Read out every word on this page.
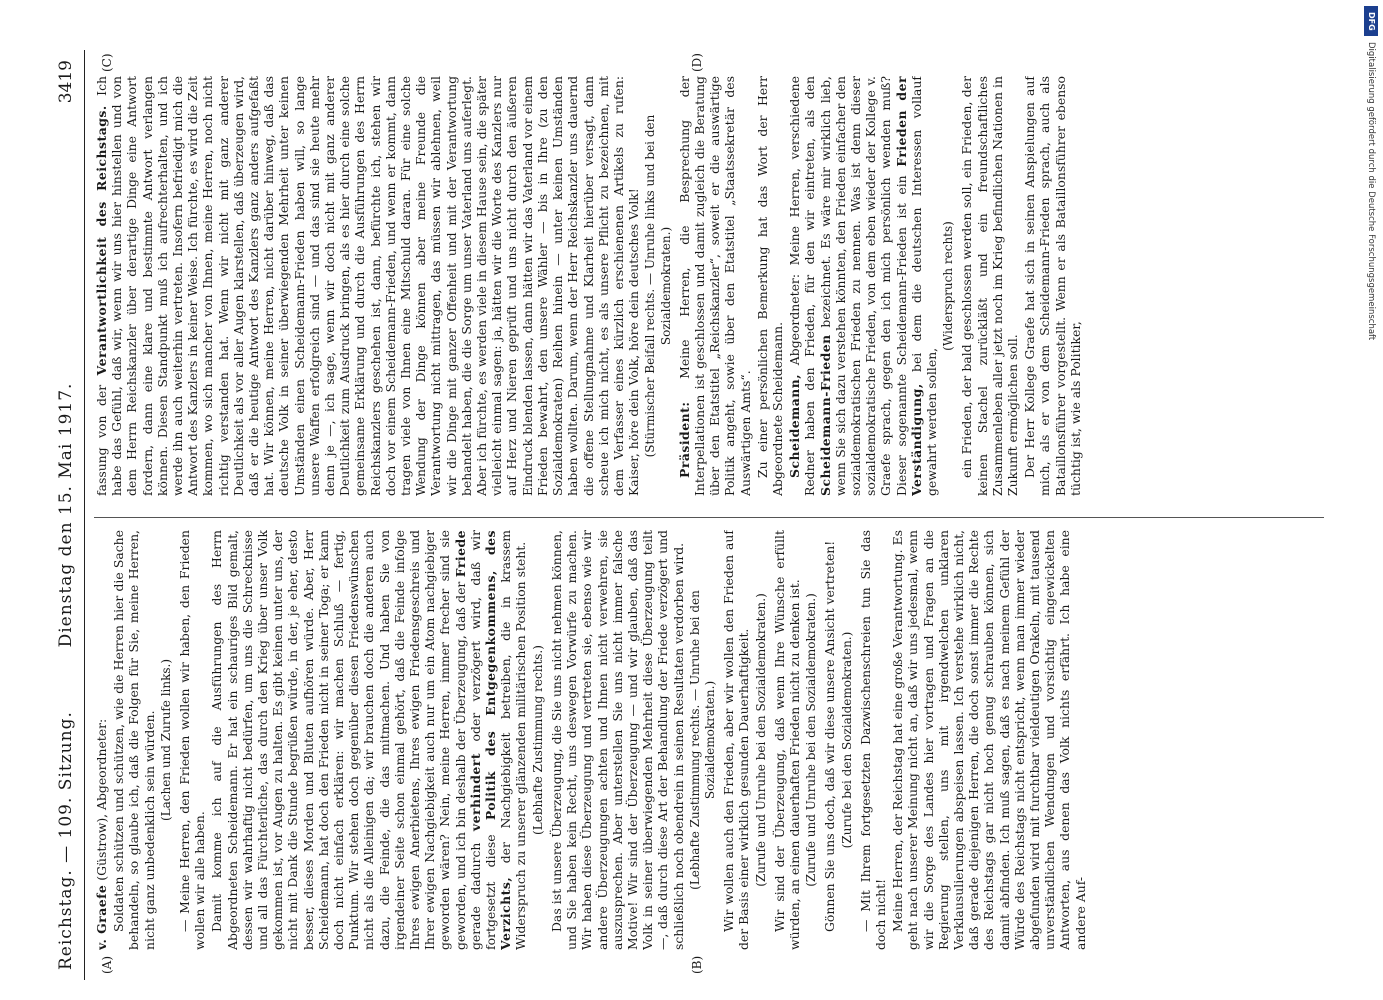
Reichstag. — 109. Sitzung.
Dienstag den 15. Mai 1917.
3419
(A)	(B)
(C)	(D)

v. Graefe (Güstrow), Abgeordneter: Soldaten schützen und schützen, wie die Herren hier die Sache behandeln, so glaube ich, daß die Folgen für Sie, meine Herren, nicht ganz unbedenklich sein würden. (Lachen und Zurufe links.) — Meine Herren, den Frieden wollen wir haben, den Frieden wollen wir alle haben. Damit komme ich auf die Ausführungen des Herrn Abgeordneten Scheidemann. Er hat ein schauriges Bild gemalt, dessen wir wahrhaftig nicht bedürfen, um uns die Schrecknisse und all das Fürchterliche, das durch den Krieg über unser Volk gekommen ist, vor Augen zu halten. Es gibt keinen unter uns, der nicht mit Dank die Stunde begrüßen würde, in der, je eher, desto besser, dieses Morden und Bluten aufhören würde. Aber, Herr Scheidemann, hat doch den Frieden nicht in seiner Toga; er kann doch nicht einfach erklären: wir machen Schluß — fertig, Punktum. Wir stehen doch gegenüber diesen Friedenswünschen nicht als die Alleinigen da; wir brauchen doch die anderen auch dazu, die Feinde, die das mitmachen. Und haben Sie von irgendeiner Seite schon einmal gehört, daß die Feinde infolge Ihres ewigen Anerbietens, Ihres ewigen Friedensgeschreis und Ihrer ewigen Nachgiebigkeit auch nur um ein Atom nachgiebiger geworden wären? Nein, meine Herren, immer frecher sind sie geworden, und ich bin deshalb der Überzeugung, daß der Friede gerade dadurch verhindert oder verzögert wird, daß wir fortgesetzt diese Politik des Entgegenkommens, des Verzichts, der Nachgiebigkeit betreiben, die in krassem Widerspruch zu unserer glänzenden militärischen Position steht. (Lebhafte Zustimmung rechts.) Das ist unsere Überzeugung, die Sie uns nicht nehmen können, und Sie haben kein Recht, uns deswegen Vorwürfe zu machen. Wir haben diese Überzeugung und vertreten sie, ebenso wie wir andere Überzeugungen achten und Ihnen nicht verwehren, sie auszusprechen. Aber unterstellen Sie uns nicht immer falsche Motive! Wir sind der Überzeugung — und wir glauben, daß das Volk in seiner überwiegenden Mehrheit diese Überzeugung teilt —, daß durch diese Art der Behandlung der Friede verzögert und schließlich noch obendrein in seinen Resultaten verdorben wird. (Lebhafte Zustimmung rechts. — Unruhe bei den Sozialdemokraten.) Wir wollen auch den Frieden, aber wir wollen den Frieden auf der Basis einer wirklich gesunden Dauerhaftigkeit. (Zurufe und Unruhe bei den Sozialdemokraten.) Wir sind der Überzeugung, daß wenn Ihre Wünsche erfüllt würden, an einen dauerhaften Frieden nicht zu denken ist. (Zurufe und Unruhe bei den Sozialdemokraten.) Gönnen Sie uns doch, daß wir diese unsere Ansicht vertreten! (Zurufe bei den Sozialdemokraten.) — Mit Ihrem fortgesetzten Dazwischenschreien tun Sie das doch nicht! Meine Herren, der Reichstag hat eine große Verantwortung. Es geht nach unserer Meinung nicht an, daß wir uns jedesmal, wenn wir die Sorge des Landes hier vortragen und Fragen an die Regierung stellen, uns mit irgendwelchen unklaren Verklausulierungen abspeisen lassen. Ich verstehe wirklich nicht, daß gerade diejenigen Herren, die doch sonst immer die Rechte des Reichstags gar nicht hoch genug schrauben können, sich damit abfinden. Ich muß sagen, daß es nach meinem Gefühl der Würde des Reichstags nicht entspricht, wenn man immer wieder abgefunden wird mit furchtbar vieldeutigen Orakeln, mit tausend unverständlichen Wendungen und vorsichtig eingewickelten Antworten, aus denen das Volk nichts erfährt. Ich habe eine andere Auf-

fassung von der Verantwortlichkeit des Reichstags. Ich habe das Gefühl, daß wir, wenn wir uns hier hinstellen und von dem Herrn Reichskanzler über derartige Dinge eine Antwort fordern, dann eine klare und bestimmte Antwort verlangen können. Diesen Standpunkt muß ich aufrechterhalten, und ich werde ihn auch weiterhin vertreten. Insofern befriedigt mich die Antwort des Kanzlers in keiner Weise. Ich fürchte, es wird die Zeit kommen, wo sich mancher von Ihnen, meine Herren, noch nicht richtig verstanden hat. Wenn wir nicht mit ganz anderer Deutlichkeit als vor aller Augen klarstellen, daß überzeugen wird, daß er die heutige Antwort des Kanzlers ganz anders aufgefaßt hat. Wir können, meine Herren, nicht darüber hinweg, daß das deutsche Volk in seiner überwiegenden Mehrheit unter keinen Umständen einen Scheidemann-Frieden haben will, so lange unsere Waffen erfolgreich sind — und das sind sie heute mehr denn je —, ich sage, wenn wir doch nicht mit ganz anderer Deutlichkeit zum Ausdruck bringen, als es hier durch eine solche gemeinsame Erklärung und durch die Ausführungen des Herrn Reichskanzlers geschehen ist, dann, befürchte ich, stehen wir doch vor einem Scheidemann-Frieden, und wenn er kommt, dann tragen viele von Ihnen eine Mitschuld daran. Für eine solche Wendung der Dinge können aber meine Freunde die Verantwortung nicht mittragen, das müssen wir ablehnen, weil wir die Dinge mit ganzer Offenheit und mit der Verantwortung behandelt haben, die die Sorge um unser Vaterland uns auferlegt. Aber ich fürchte, es werden viele in diesem Hause sein, die später vielleicht einmal sagen: ja, hätten wir die Worte des Kanzlers nur auf Herz und Nieren geprüft und uns nicht durch den äußeren Eindruck blenden lassen, dann hätten wir das Vaterland vor einem Frieden bewahrt, den unsere Wähler — bis in Ihre (zu den Sozialdemokraten) Reihen hinein — unter keinen Umständen haben wollten. Darum, wenn der Herr Reichskanzler uns dauernd die offene Stellungnahme und Klarheit hierüber versagt, dann scheue ich mich nicht, es als unsere Pflicht zu bezeichnen, mit dem Verfasser eines kürzlich erschienenen Artikels zu rufen: Kaiser, höre dein Volk, höre dein deutsches Volk! (Stürmischer Beifall rechts. — Unruhe links und bei den Sozialdemokraten.)

Präsident: Meine Herren, die Besprechung der Interpellationen ist geschlossen und damit zugleich die Beratung über den Etatstitel „Reichskanzler“, soweit er die auswärtige Politik angeht, sowie über den Etatstitel „Staatssekretär des Auswärtigen Amts“. Zu einer persönlichen Bemerkung hat das Wort der Herr Abgeordnete Scheidemann. Scheidemann, Abgeordneter: Meine Herren, verschiedene Redner haben den Frieden, für den wir eintreten, als den Scheidemann-Frieden bezeichnet. Es wäre mir wirklich lieb, wenn Sie sich dazu verstehen könnten, den Frieden einfacher den sozialdemokratischen Frieden zu nennen. Was ist denn dieser sozialdemokratische Frieden, von dem eben wieder der Kollege v. Graefe sprach, gegen den ich mich persönlich wenden muß? Dieser sogenannte Scheidemann-Frieden ist ein Frieden der Verständigung, bei dem die deutschen Interessen vollauf gewahrt werden sollen,

(Widerspruch rechts) ein Frieden, der bald geschlossen werden soll, ein Frieden, der keinen Stachel zurückläßt und ein freundschaftliches Zusammenleben aller jetzt noch im Krieg befindlichen Nationen in Zukunft ermöglichen soll. Der Herr Kollege Graefe hat sich in seinen Anspielungen auf mich, als er von dem Scheidemann-Frieden sprach, auch als Bataillonsführer vorgestellt. Wenn er als Bataillonsführer ebenso tüchtig ist, wie als Politiker,

DFG
Digitalisierung gefördert durch die Deutsche Forschungsgemeinschaft
